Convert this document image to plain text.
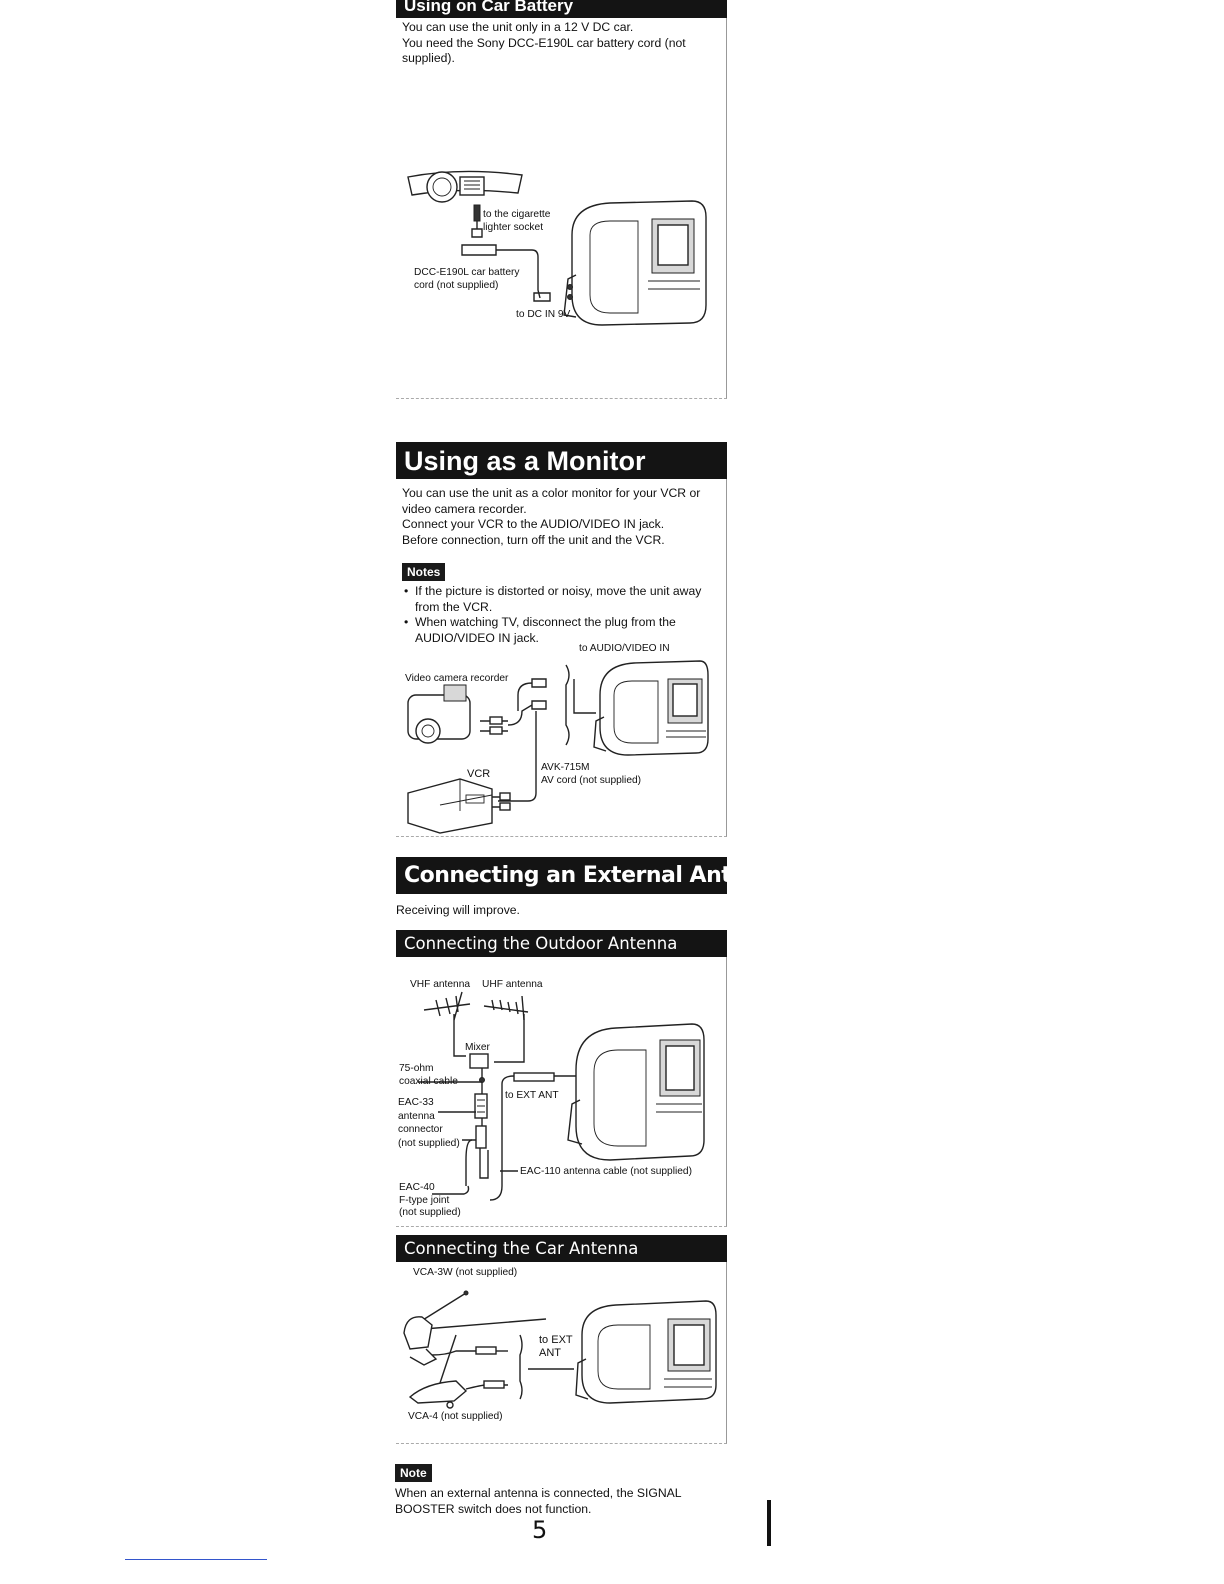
Using on Car Battery
You can use the unit only in a 12 V DC car.
You need the Sony DCC-E190L car battery cord (not supplied).
to the cigarette
lighter socket
DCC-E190L car battery
cord (not supplied)
to DC IN 9V
Using as a Monitor
You can use the unit as a color monitor for your VCR or video camera recorder.
Connect your VCR to the AUDIO/VIDEO IN jack.
Before connection, turn off the unit and the VCR.
Notes
• If the picture is distorted or noisy, move the unit away from the VCR.
• When watching TV, disconnect the plug from the AUDIO/VIDEO IN jack.
to AUDIO/VIDEO IN
Video camera recorder
VCR
AVK-715M
AV cord (not supplied)
Connecting an External Antenna
Receiving will improve.
Connecting the Outdoor Antenna
VHF antenna UHF antenna
Mixer
75-ohm
coaxial cable
EAC-33
antenna
connector
(not supplied)
to EXT ANT
EAC-110 antenna cable (not supplied)
EAC-40
F-type joint
(not supplied)
Connecting the Car Antenna
VCA-3W (not supplied)
to EXT
ANT
VCA-4 (not supplied)
Note
When an external antenna is connected, the SIGNAL BOOSTER switch does not function.
5
